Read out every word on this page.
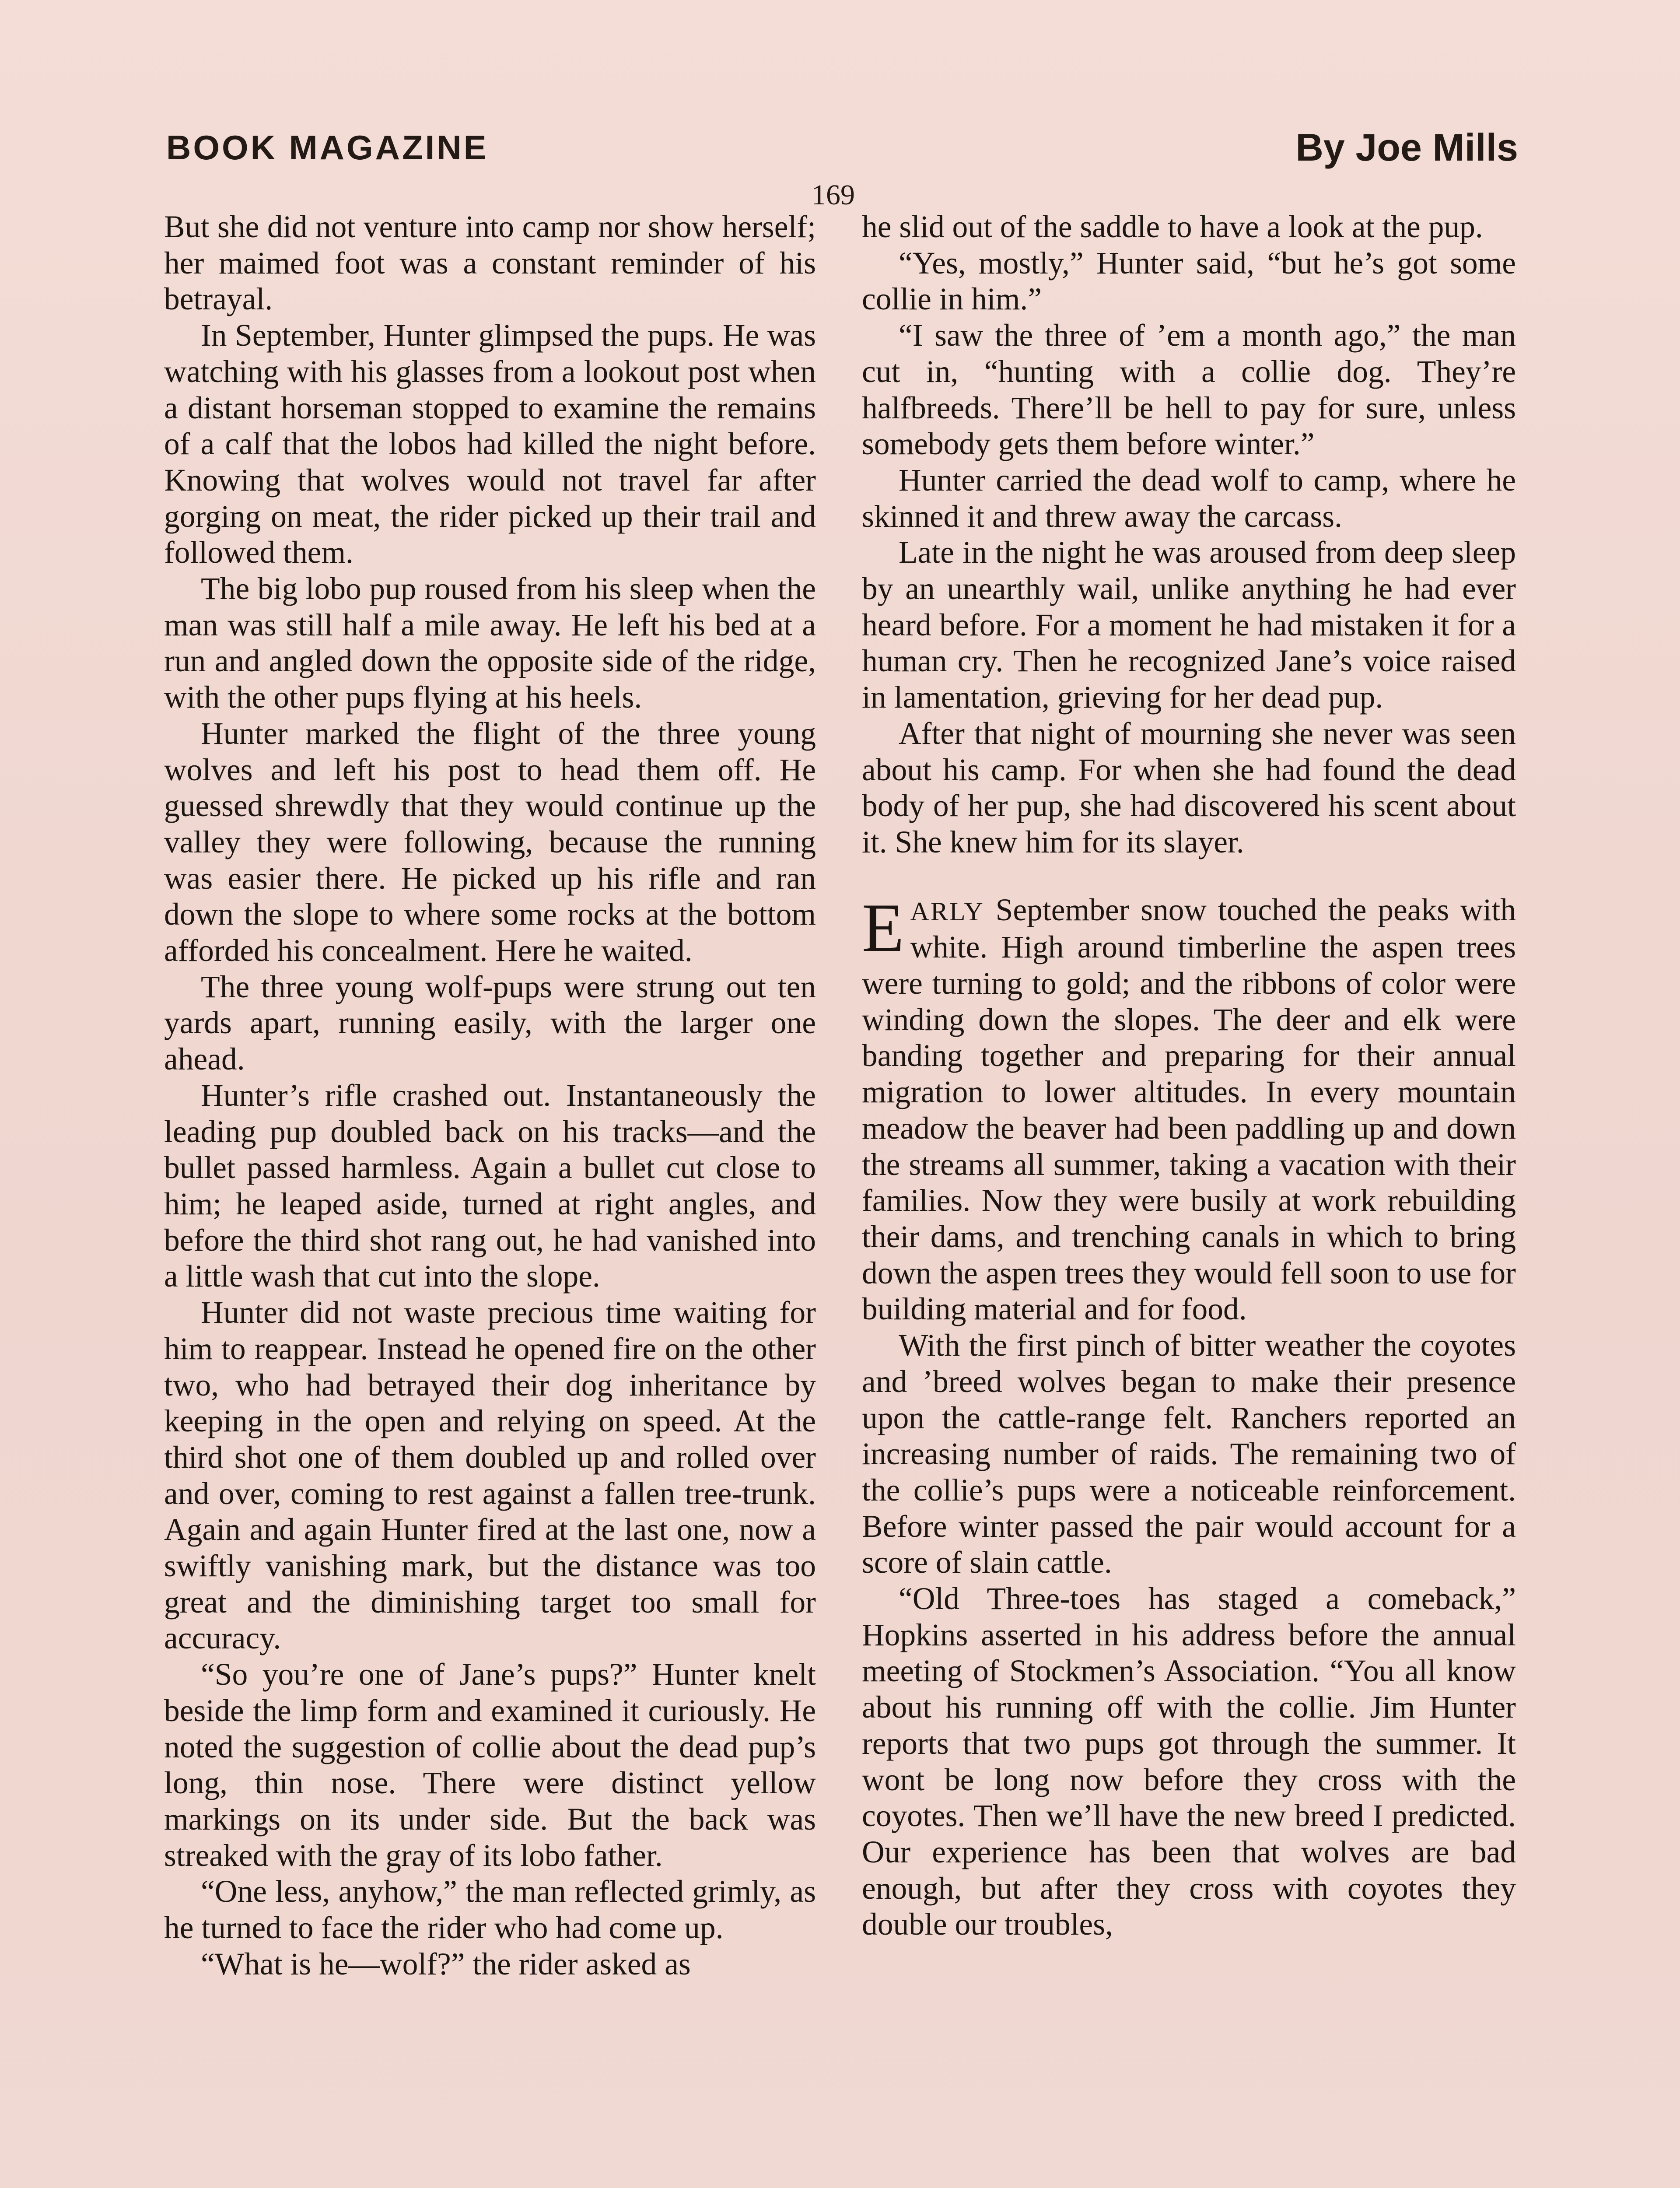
BOOK MAGAZINE	By Joe Mills
169

But she did not venture into camp nor show herself; her maimed foot was a constant reminder of his betrayal.

In September, Hunter glimpsed the pups. He was watching with his glasses from a lookout post when a distant horseman stopped to examine the remains of a calf that the lobos had killed the night before. Knowing that wolves would not travel far after gorging on meat, the rider picked up their trail and followed them.

The big lobo pup roused from his sleep when the man was still half a mile away. He left his bed at a run and angled down the opposite side of the ridge, with the other pups flying at his heels.

Hunter marked the flight of the three young wolves and left his post to head them off. He guessed shrewdly that they would continue up the valley they were following, because the running was easier there. He picked up his rifle and ran down the slope to where some rocks at the bottom afforded his concealment. Here he waited.

The three young wolf-pups were strung out ten yards apart, running easily, with the larger one ahead.

Hunter’s rifle crashed out. Instantaneously the leading pup doubled back on his tracks—and the bullet passed harmless. Again a bullet cut close to him; he leaped aside, turned at right angles, and before the third shot rang out, he had vanished into a little wash that cut into the slope.

Hunter did not waste precious time waiting for him to reappear. Instead he opened fire on the other two, who had betrayed their dog inheritance by keeping in the open and relying on speed. At the third shot one of them doubled up and rolled over and over, coming to rest against a fallen tree-trunk. Again and again Hunter fired at the last one, now a swiftly vanishing mark, but the distance was too great and the diminishing target too small for accuracy.

“So you’re one of Jane’s pups?” Hunter knelt beside the limp form and examined it curiously. He noted the suggestion of collie about the dead pup’s long, thin nose. There were distinct yellow markings on its under side. But the back was streaked with the gray of its lobo father.

“One less, anyhow,” the man reflected grimly, as he turned to face the rider who had come up.

“What is he—wolf?” the rider asked as

he slid out of the saddle to have a look at the pup.

“Yes, mostly,” Hunter said, “but he’s got some collie in him.”

“I saw the three of ’em a month ago,” the man cut in, “hunting with a collie dog. They’re halfbreeds. There’ll be hell to pay for sure, unless somebody gets them before winter.”

Hunter carried the dead wolf to camp, where he skinned it and threw away the carcass.

Late in the night he was aroused from deep sleep by an unearthly wail, unlike anything he had ever heard before. For a moment he had mistaken it for a human cry. Then he recognized Jane’s voice raised in lamentation, grieving for her dead pup.

After that night of mourning she never was seen about his camp. For when she had found the dead body of her pup, she had discovered his scent about it. She knew him for its slayer.

EARLY September snow touched the peaks with white. High around timberline the aspen trees were turning to gold; and the ribbons of color were winding down the slopes. The deer and elk were banding together and preparing for their annual migration to lower altitudes. In every mountain meadow the beaver had been paddling up and down the streams all summer, taking a vacation with their families. Now they were busily at work rebuilding their dams, and trenching canals in which to bring down the aspen trees they would fell soon to use for building material and for food.

With the first pinch of bitter weather the coyotes and ’breed wolves began to make their presence upon the cattle-range felt. Ranchers reported an increasing number of raids. The remaining two of the collie’s pups were a noticeable reinforcement. Before winter passed the pair would account for a score of slain cattle.

“Old Three-toes has staged a comeback,” Hopkins asserted in his address before the annual meeting of Stockmen’s Association. “You all know about his running off with the collie. Jim Hunter reports that two pups got through the summer. It wont be long now before they cross with the coyotes. Then we’ll have the new breed I predicted. Our experience has been that wolves are bad enough, but after they cross with coyotes they double our troubles,
